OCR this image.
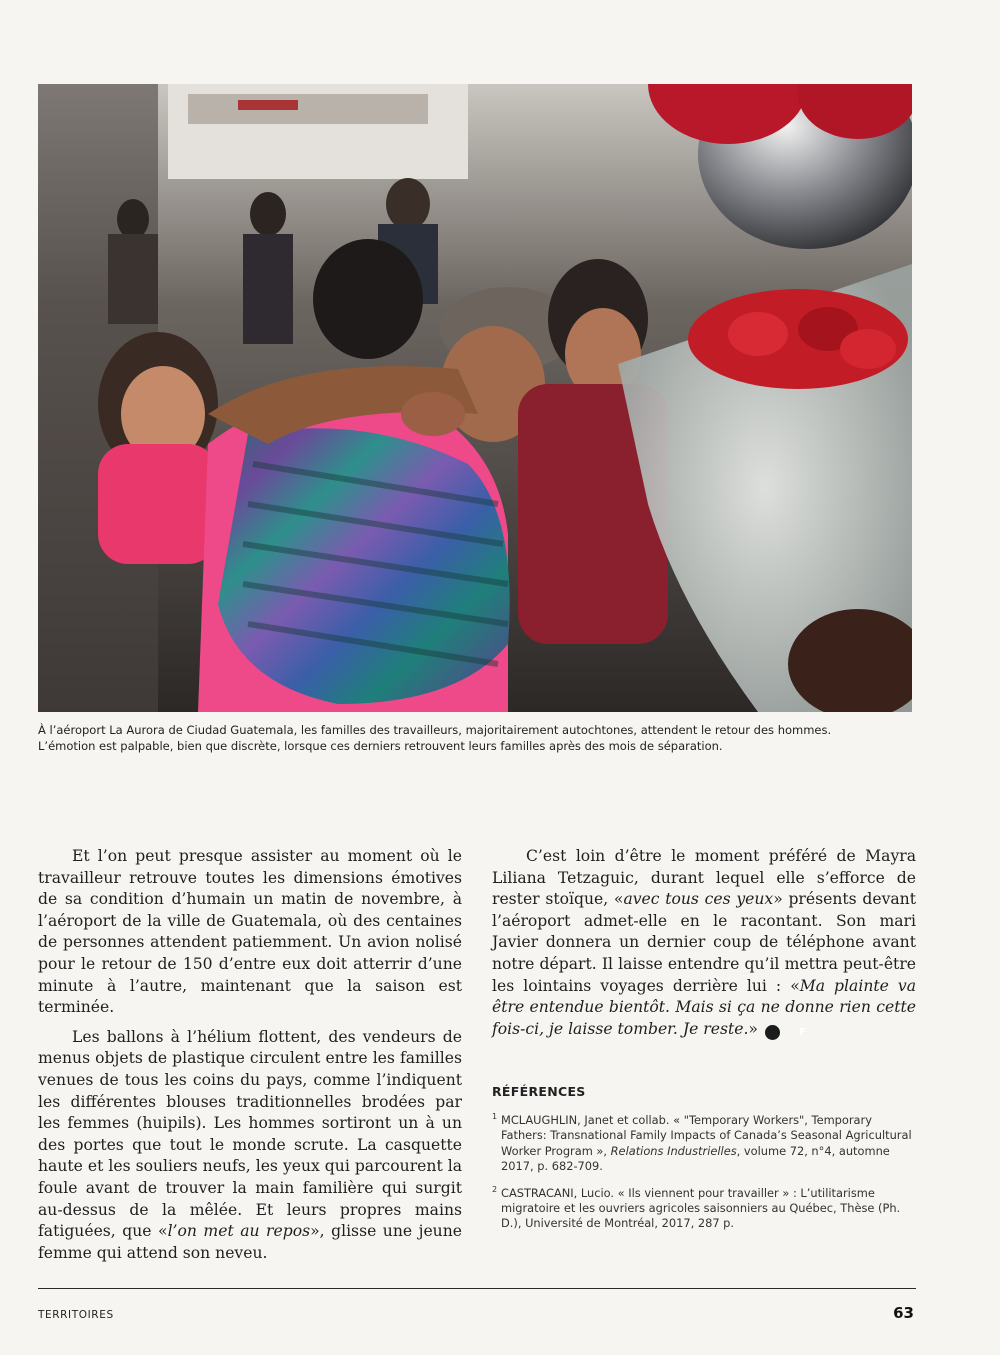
À l’aéroport La Aurora de Ciudad Guatemala, les familles des travailleurs, majoritairement autochtones, attendent le retour des hommes.

L’émotion est palpable, bien que discrète, lorsque ces derniers retrouvent leurs familles après des mois de séparation.

Et l’on peut presque assister au moment où le travailleur retrouve toutes les dimensions émotives de sa condition d’humain un matin de novembre, à l’aéroport de la ville de Guatemala, où des centaines de personnes attendent patiemment. Un avion nolisé pour le retour de 150 d’entre eux doit atterrir d’une minute à l’autre, maintenant que la saison est terminée.

Les ballons à l’hélium flottent, des vendeurs de menus objets de plastique circulent entre les familles venues de tous les coins du pays, comme l’indiquent les différentes blouses traditionnelles brodées par les femmes (huipils). Les hommes sortiront un à un des portes que tout le monde scrute. La casquette haute et les souliers neufs, les yeux qui parcourent la foule avant de trouver la main familière qui surgit au-dessus de la mêlée. Et leurs propres mains fatiguées, que «l’on met au repos», glisse une jeune femme qui attend son neveu.

C’est loin d’être le moment préféré de Mayra Liliana Tetzaguic, durant lequel elle s’efforce de rester stoïque, «avec tous ces yeux» présents devant l’aéroport admet-elle en le racontant. Son mari Javier donnera un dernier coup de téléphone avant notre départ. Il laisse entendre qu’il mettra peut-être les lointains voyages derrière lui : «Ma plainte va être entendue bientôt. Mais si ça ne donne rien cette fois-ci, je laisse tomber. Je reste.»	F

RÉFÉRENCES
1 MCLAUGHLIN, Janet et collab. « "Temporary Workers", Temporary Fathers: Transnational Family Impacts of Canada’s Seasonal Agricultural Worker Program », Relations Industrielles, volume 72, n°4, automne 2017, p. 682-709.
2 CASTRACANI, Lucio. « Ils viennent pour travailler » : L’utilitarisme migratoire et les ouvriers agricoles saisonniers au Québec, Thèse (Ph. D.), Université de Montréal, 2017, 287 p.
TERRITOIRES	63
